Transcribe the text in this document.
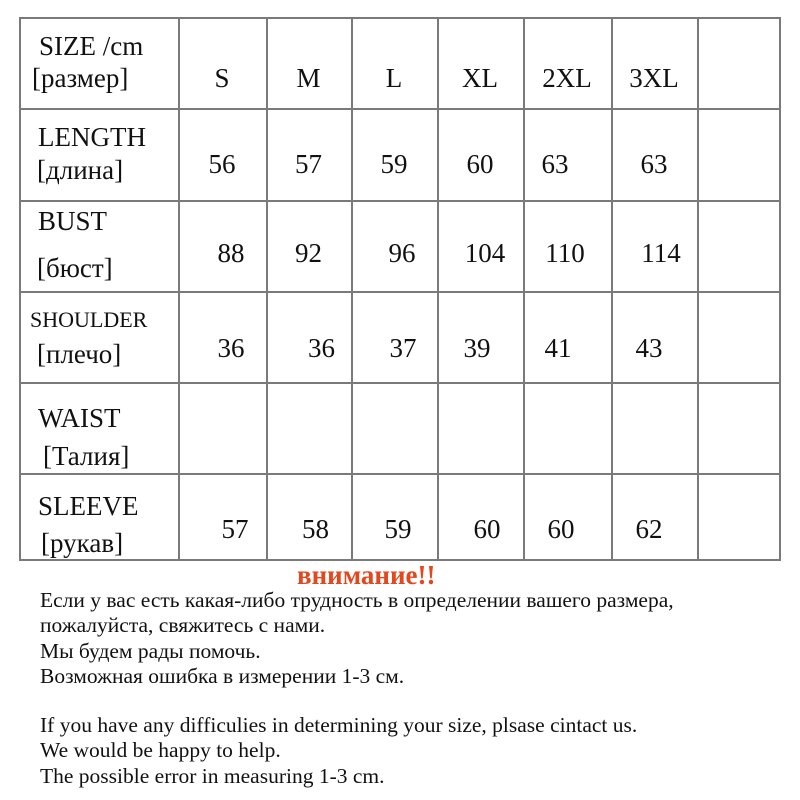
SIZE /cm
[размер]	S	M	L	XL	2XL	3XL
LENGTH
[длина]	56	57	59	60	63	63
BUST
[бюст]	88	92	96	104	110	114
SHOULDER
[плечо]	36	36	37	39	41	43
WAIST
[Талия]
SLEEVE
[рукав]	57	58	59	60	60	62
внимание!!
Если у вас есть какая-либо трудность в определении вашего размера,
пожалуйста, свяжитесь с нами.
Мы будем рады помочь.
Возможная ошибка в измерении 1-3 см.
If you have any difficulies in determining your size, plsase cintact us.
We would be happy to help.
The possible error in measuring 1-3 cm.
